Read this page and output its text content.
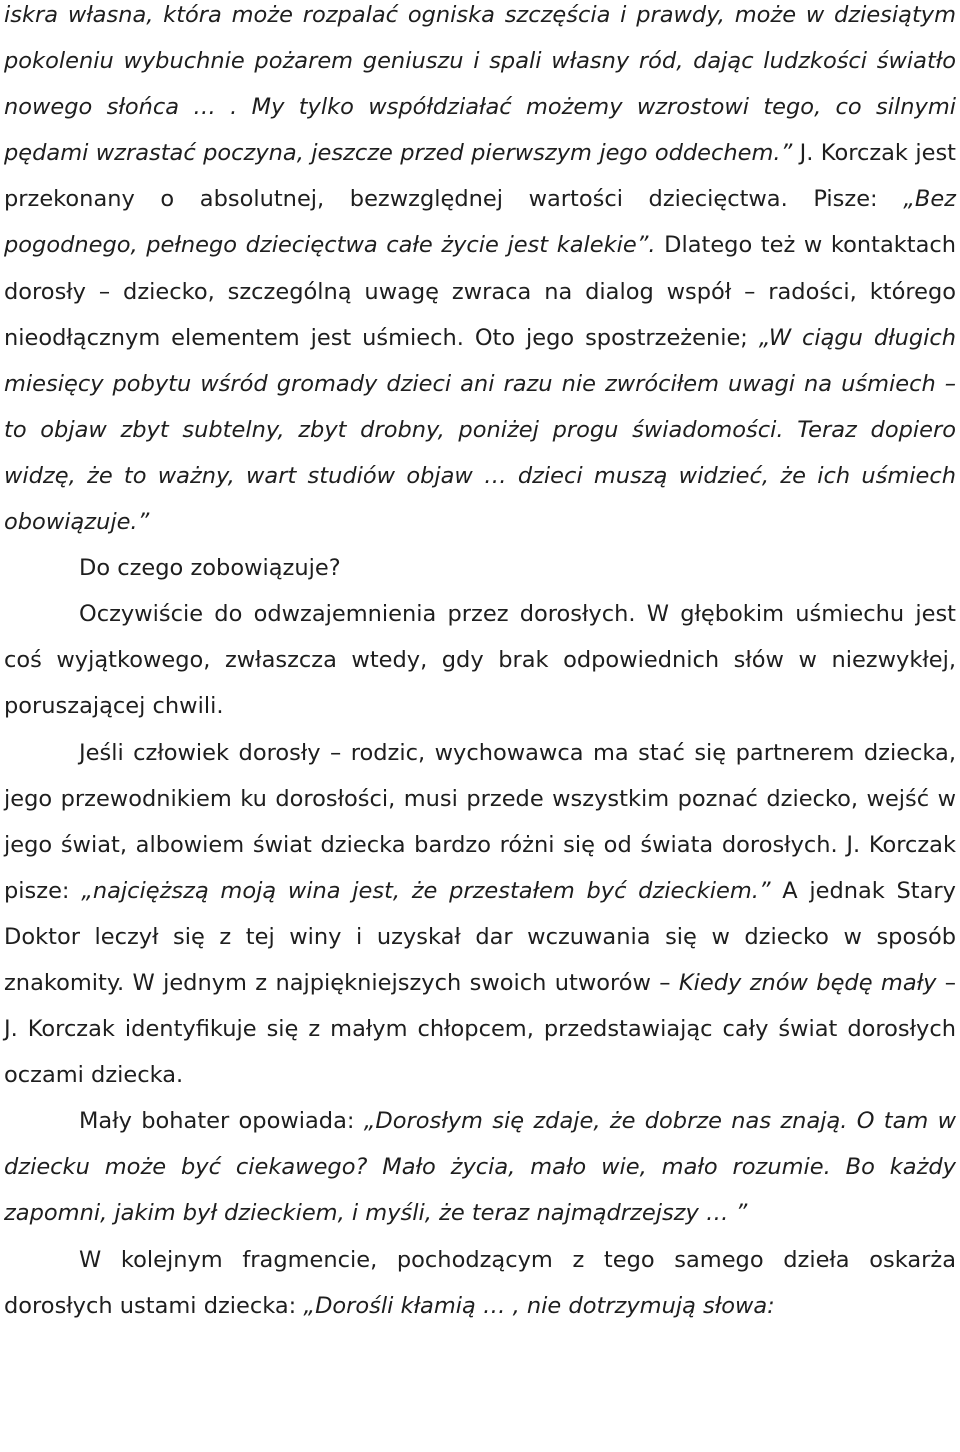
iskra własna, która może rozpalać ogniska szczęścia i prawdy, może w dziesiątym pokoleniu wybuchnie pożarem geniuszu i spali własny ród, dając ludzkości światło nowego słońca … . My tylko współdziałać możemy wzrostowi tego, co silnymi pędami wzrastać poczyna, jeszcze przed pierwszym jego oddechem.” J. Korczak jest przekonany o absolutnej, bezwzględnej wartości dziecięctwa. Pisze: „Bez pogodnego, pełnego dziecięctwa całe życie jest kalekie”. Dlatego też w kontaktach dorosły – dziecko, szczególną uwagę zwraca na dialog współ – radości, którego nieodłącznym elementem jest uśmiech. Oto jego spostrzeżenie; „W ciągu długich miesięcy pobytu wśród gromady dzieci ani razu nie zwróciłem uwagi na uśmiech – to objaw zbyt subtelny, zbyt drobny, poniżej progu świadomości. Teraz dopiero widzę, że to ważny, wart studiów objaw … dzieci muszą widzieć, że ich uśmiech obowiązuje.”

Do czego zobowiązuje?

Oczywiście do odwzajemnienia przez dorosłych. W głębokim uśmiechu jest coś wyjątkowego, zwłaszcza wtedy, gdy brak odpowiednich słów w niezwykłej, poruszającej chwili.

Jeśli człowiek dorosły – rodzic, wychowawca ma stać się partnerem dziecka, jego przewodnikiem ku dorosłości, musi przede wszystkim poznać dziecko, wejść w jego świat, albowiem świat dziecka bardzo różni się od świata dorosłych. J. Korczak pisze: „najcięższą moją wina jest, że przestałem być dzieckiem.” A jednak Stary Doktor leczył się z tej winy i uzyskał dar wczuwania się w dziecko w sposób znakomity. W jednym z najpiękniejszych swoich utworów – Kiedy znów będę mały – J. Korczak identyfikuje się z małym chłopcem, przedstawiając cały świat dorosłych oczami dziecka.

Mały bohater opowiada: „Dorosłym się zdaje, że dobrze nas znają. O tam w dziecku może być ciekawego? Mało życia, mało wie, mało rozumie. Bo każdy zapomni, jakim był dzieckiem, i myśli, że teraz najmądrzejszy … ”

W kolejnym fragmencie, pochodzącym z tego samego dzieła oskarża dorosłych ustami dziecka: „Dorośli kłamią … , nie dotrzymują słowa:
